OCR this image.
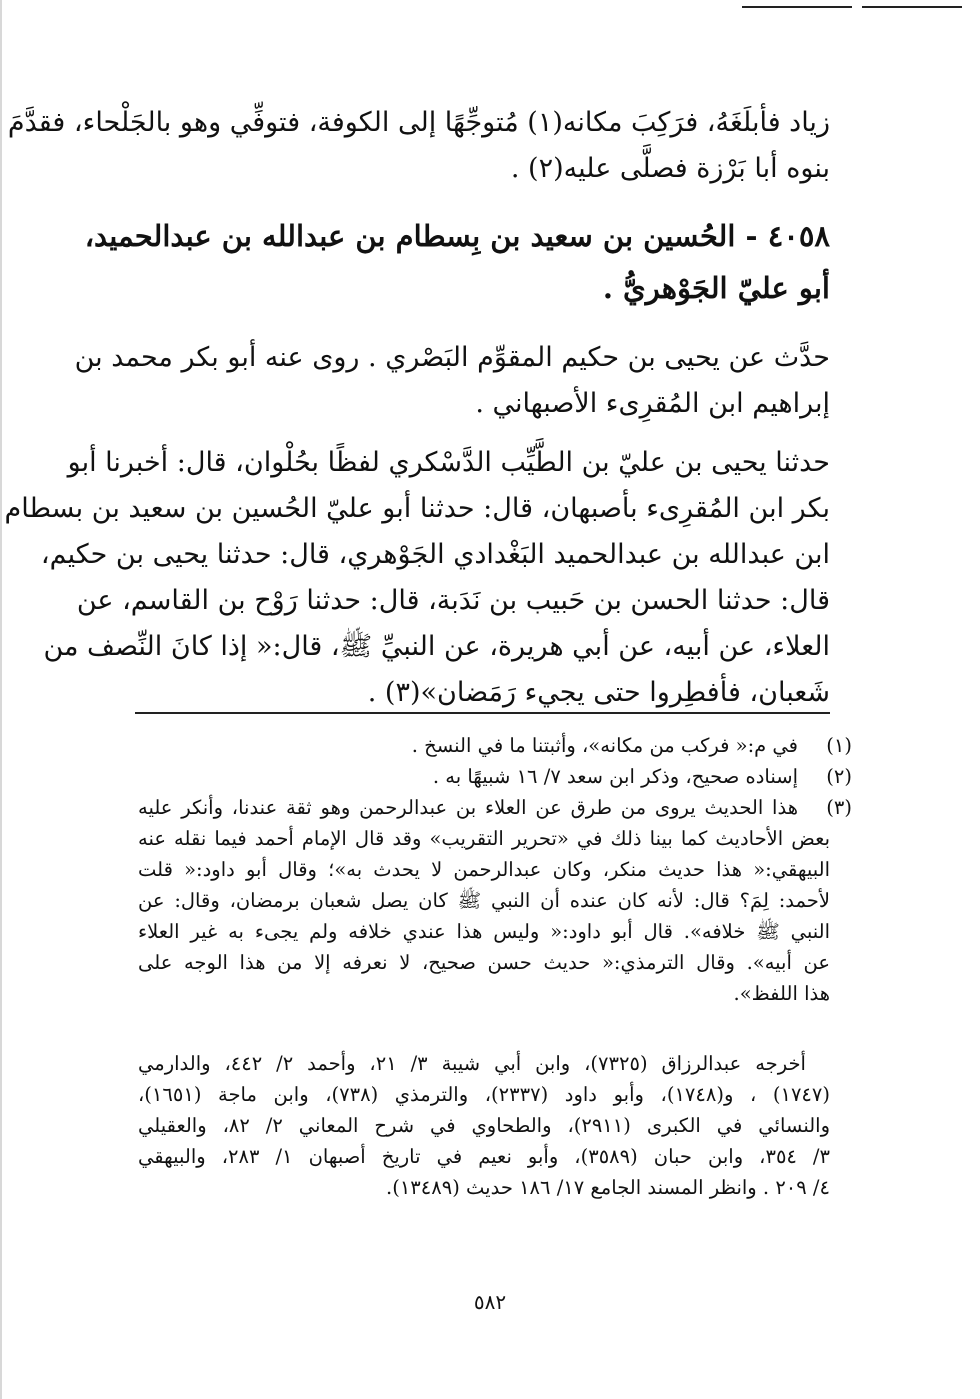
زياد فأبلَغَهُ، فرَكِبَ مكانه(١) مُتوجِّهًا إلى الكوفة، فتوفِّي وهو بالجَلْحاء، فقدَّمَ
بنوه أبا بَرْزة فصلَّى عليه(٢) .
٤٠٥٨ - الحُسين بن سعيد بن بِسطام بن عبدالله بن عبدالحميد،
أبو عليّ الجَوْهريُّ .
حدَّث عن يحيى بن حكيم المقوِّم البَصْري . روى عنه أبو بكر محمد بن
إبراهيم ابن المُقرِىء الأصبهاني .
حدثنا يحيى بن عليّ بن الطَّيِّب الدَّسْكري لفظًا بحُلْوان، قال: أخبرنا أبو
بكر ابن المُقرِىء بأصبهان، قال: حدثنا أبو عليّ الحُسين بن سعيد بن بسطام
ابن عبدالله بن عبدالحميد البَغْدادي الجَوْهري، قال: حدثنا يحيى بن حكيم،
قال: حدثنا الحسن بن حَبيب بن نَدَبة، قال: حدثنا رَوْح بن القاسم، عن
العلاء، عن أبيه، عن أبي هريرة، عن النبيِّ ﷺ، قال:« إذا كانَ النِّصف من
شَعبان، فأفطِروا حتى يجيء رَمَضان»(٣) .
(١)
في م:« فركب من مكانه»، وأثبتنا ما في النسخ .
(٢)
إسناده صحيح، وذكر ابن سعد ٧/ ١٦ شبيهًا به .
(٣)
هذا الحديث يروى من طرق عن العلاء بن عبدالرحمن وهو ثقة عندنا، وأنكر عليه
بعض الأحاديث كما بينا ذلك في «تحرير التقريب» وقد قال الإمام أحمد فيما نقله عنه
البيهقي:« هذا حديث منكر، وكان عبدالرحمن لا يحدث به»؛ وقال أبو داود:« قلت
لأحمد: لِمَ؟ قال: لأنه كان عنده أن النبي ﷺ كان يصل شعبان برمضان، وقال: عن
النبي ﷺ خلافه». قال أبو داود:« وليس هذا عندي خلافه ولم يجىء به غير العلاء
عن أبيه». وقال الترمذي:« حديث حسن صحيح، لا نعرفه إلا من هذا الوجه على
هذا اللفظ».
أخرجه عبدالرزاق (٧٣٢٥)، وابن أبي شيبة ٣/ ٢١، وأحمد ٢/ ٤٤٢، والدارمي
(١٧٤٧) ، و(١٧٤٨)، وأبو داود (٢٣٣٧)، والترمذي (٧٣٨)، وابن ماجة (١٦٥١)،
والنسائي في الكبرى (٢٩١١)، والطحاوي في شرح المعاني ٢/ ٨٢، والعقيلي
٣/ ٣٥٤، وابن حبان (٣٥٨٩)، وأبو نعيم في تاريخ أصبهان ١/ ٢٨٣، والبيهقي
٤/ ٢٠٩ . وانظر المسند الجامع ١٧/ ١٨٦ حديث (١٣٤٨٩).
٥٨٢
